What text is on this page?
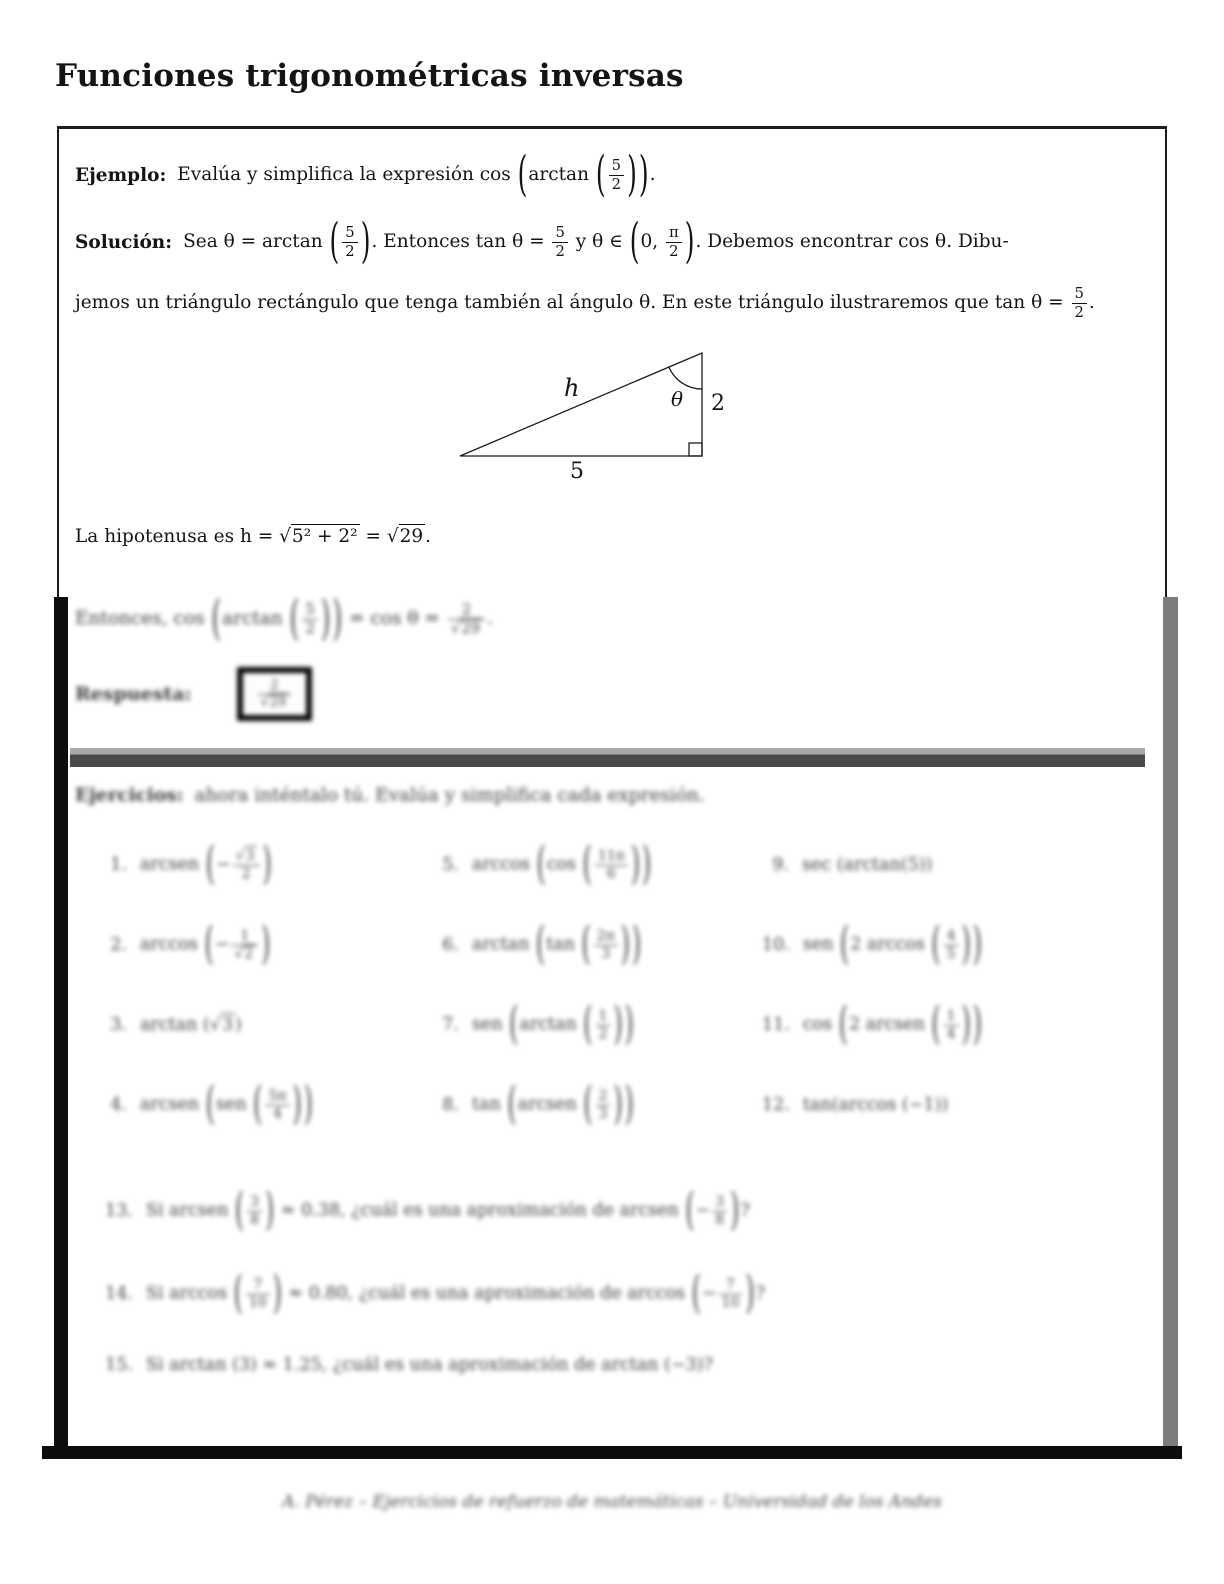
Funciones trigonométricas inversas
Ejemplo: Evalúa y simplifica la expresión cos (arctan ( $\frac{5}{2}$ )).
Solución: Sea θ = arctan ( $\frac{5}{2}$ ). Entonces $\tan \theta = \frac{5}{2}$ y θ ∈ (0, $\frac{\pi}{2}$ ). Debemos encontrar cos θ. Dibu-
jemos un triángulo rectángulo que tenga también al ángulo θ. En este triángulo ilustraremos que $\tan \theta = \frac{5}{2}$ .
h	θ 2
5
La hipotenusa es h = √5² + 2² = √29 .
Entonces, cos (arctan ( $\frac{5}{2}$ )) = $\cos \theta = \frac{2}{√29}$ .
Respuesta:	$\frac{2}{√29}$
Ejercicios: ahora inténtalo tú. Evalúa y simplifica cada expresión.
1. arcsen (− $\frac{√3}{2}$ )
2. arccos (− $\frac{1}{√2}$ )
3. arctan (√3 )
4. arcsen (sen ( $\frac{5\pi}{4}$ ))
5. arccos (cos ( $\frac{11\pi}{6}$ ))
6. arctan (tan ( $\frac{2\pi}{3}$ ))
7. sen (arctan ( $\frac{1}{2}$ ))
8. tan (arcsen ( $\frac{2}{3}$ ))
9. sec (arctan(5))
10. sen (2 arccos ( $\frac{4}{5}$ ))
11. cos (2 arcsen ( $\frac{1}{4}$ ))
12. tan(arccos (−1))
13. Si arcsen ( $\frac{3}{8}$ ) ≈ 0.38, ¿cuál es una aproximación de arcsen (− $\frac{3}{8}$ )?
14. Si arccos ( $\frac{7}{10}$ ) ≈ 0.80, ¿cuál es una aproximación de arccos (− $\frac{7}{10}$ )?
15. Si arctan (3) ≈ 1.25, ¿cuál es una aproximación de arctan (−3)?
A. Pérez – Ejercicios de refuerzo de matemáticas – Universidad de los Andes
